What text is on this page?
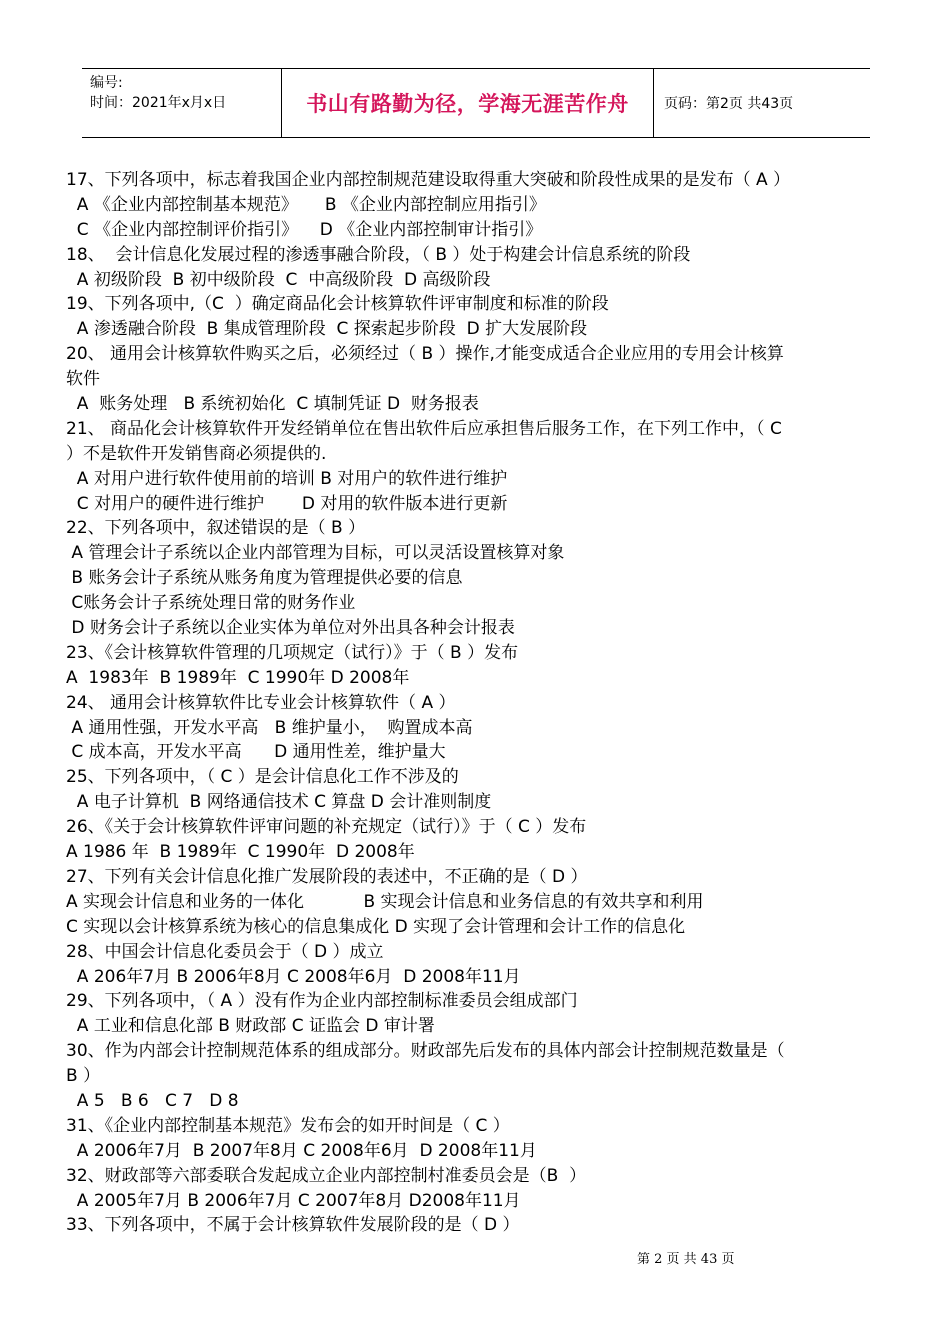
编号:
时间：2021年x月x日	书山有路勤为径，学海无涯苦作舟	页码：第2页 共43页
17、下列各项中，标志着我国企业内部控制规范建设取得重大突破和阶段性成果的是发布（ A ）
A 《企业内部控制基本规范》     B 《企业内部控制应用指引》
C 《企业内部控制评价指引》    D 《企业内部控制审计指引》
18、  会计信息化发展过程的渗透事融合阶段，（ B ）处于构建会计信息系统的阶段
A 初级阶段  B 初中级阶段  C  中高级阶段  D 高级阶段
19、下列各项中,（C  ）确定商品化会计核算软件评审制度和标准的阶段
A 渗透融合阶段  B 集成管理阶段  C 探索起步阶段  D 扩大发展阶段
20、 通用会计核算软件购买之后，必须经过（ B ）操作,才能变成适合企业应用的专用会计核算
软件
A  账务处理   B 系统初始化  C 填制凭证 D  财务报表
21、 商品化会计核算软件开发经销单位在售出软件后应承担售后服务工作，在下列工作中，（ C
）不是软件开发销售商必须提供的.
A 对用户进行软件使用前的培训 B 对用户的软件进行维护
C 对用户的硬件进行维护       D 对用的软件版本进行更新
22、下列各项中，叙述错误的是（ B ）
A 管理会计子系统以企业内部管理为目标，可以灵活设置核算对象
B 账务会计子系统从账务角度为管理提供必要的信息
C账务会计子系统处理日常的财务作业
D 财务会计子系统以企业实体为单位对外出具各种会计报表
23、《会计核算软件管理的几项规定（试行）》于（ B ）发布
A  1983年  B 1989年  C 1990年 D 2008年
24、 通用会计核算软件比专业会计核算软件（ A ）
A 通用性强，开发水平高   B 维护量小，  购置成本高
C 成本高，开发水平高      D 通用性差，维护量大
25、下列各项中，（ C ）是会计信息化工作不涉及的
A 电子计算机  B 网络通信技术 C 算盘 D 会计准则制度
26、《关于会计核算软件评审问题的补充规定（试行）》于（ C ）发布
A 1986 年  B 1989年  C 1990年  D 2008年
27、下列有关会计信息化推广发展阶段的表述中，不正确的是（ D ）
A 实现会计信息和业务的一体化           B 实现会计信息和业务信息的有效共享和利用
C 实现以会计核算系统为核心的信息集成化 D 实现了会计管理和会计工作的信息化
28、中国会计信息化委员会于（ D ）成立
A 206年7月 B 2006年8月 C 2008年6月  D 2008年11月
29、下列各项中，（ A ）没有作为企业内部控制标准委员会组成部门
A 工业和信息化部 B 财政部 C 证监会 D 审计署
30、作为内部会计控制规范体系的组成部分。财政部先后发布的具体内部会计控制规范数量是（
B ）
A 5   B 6   C 7   D 8
31、《企业内部控制基本规范》发布会的如开时间是（ C ）
A 2006年7月  B 2007年8月 C 2008年6月  D 2008年11月
32、财政部等六部委联合发起成立企业内部控制村准委员会是（B  ）
A 2005年7月 B 2006年7月 C 2007年8月 D2008年11月
33、下列各项中，不属于会计核算软件发展阶段的是（ D ）
第 2 页 共 43 页
